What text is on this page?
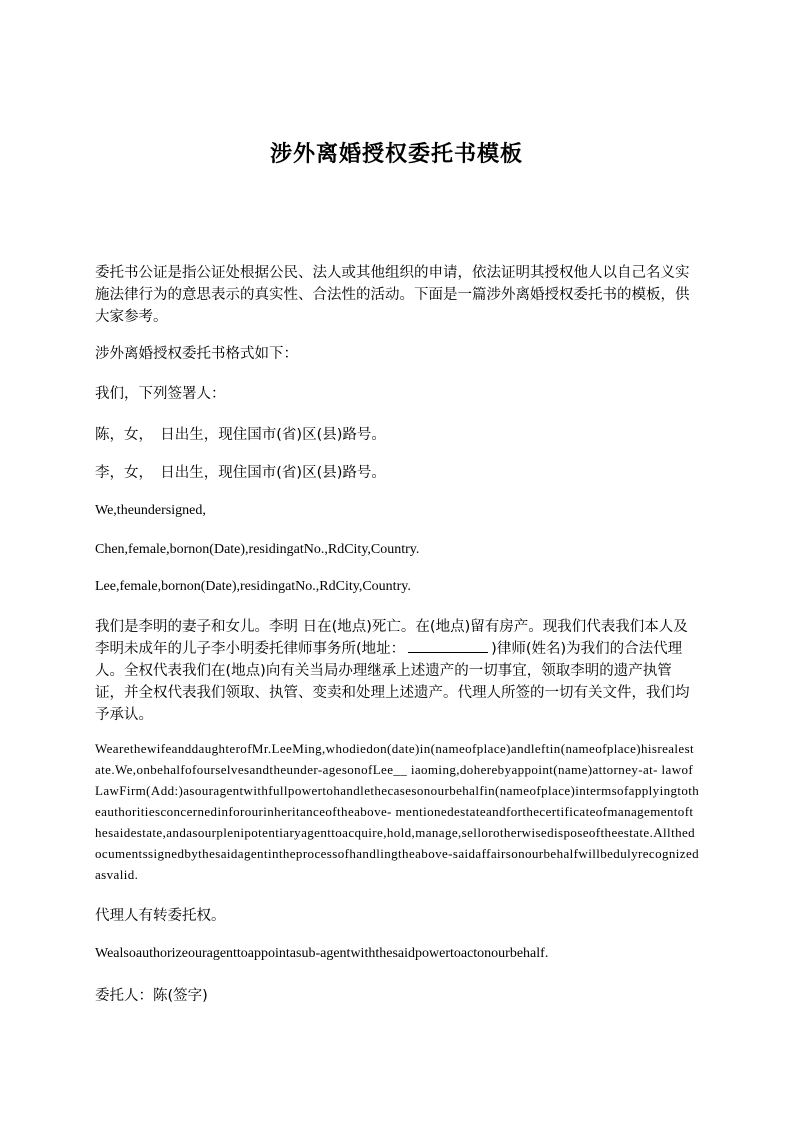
涉外离婚授权委托书模板

委托书公证是指公证处根据公民、法人或其他组织的申请，依法证明其授权他人以自己名义实施法律行为的意思表示的真实性、合法性的活动。下面是一篇涉外离婚授权委托书的模板，供大家参考。

涉外离婚授权委托书格式如下：

我们，下列签署人：

陈，女，　日出生，现住国市(省)区(县)路号。

李，女，　日出生，现住国市(省)区(县)路号。

We,theundersigned,

Chen,female,bornon(Date),residingatNo.,RdCity,Country.

Lee,female,bornon(Date),residingatNo.,RdCity,Country.

我们是李明的妻子和女儿。李明 日在(地点)死亡。在(地点)留有房产。现我们代表我们本人及李明未成年的儿子李小明委托律师事务所(地址：	)律师(姓名)为我们的合法代理人。全权代表我们在(地点)向有关当局办理继承上述遗产的一切事宜，领取李明的遗产执管证，并全权代表我们领取、执管、变卖和处理上述遗产。代理人所签的一切有关文件，我们均予承认。

WearethewifeanddaughterofMr.LeeMing,whodiedon(date)in(nameofplace)andleftin(nameofplace)hisrealestate.We,onbehalfofourselvesandtheunder-agesonofLee__ iaoming,doherebyappoint(name)attorney-at- lawofLawFirm(Add:)asouragentwithfullpowertohandlethecasesonourbehalfin(nameofplace)intermsofapplyingtotheauthoritiesconcernedinforourinheritanceoftheabove- mentionedestateandforthecertificateofmanagementofthesaidestate,andasourplenipotentiaryagenttoacquire,hold,manage,sellorotherwisedisposeoftheestate.Allthedocumentssignedbythesaidagentintheprocessofhandlingtheabove-saidaffairsonourbehalfwillbedulyrecognizedasvalid.

代理人有转委托权。

Wealsoauthorizeouragenttoappointasub-agentwiththesaidpowertoactonourbehalf.

委托人：陈(签字)
